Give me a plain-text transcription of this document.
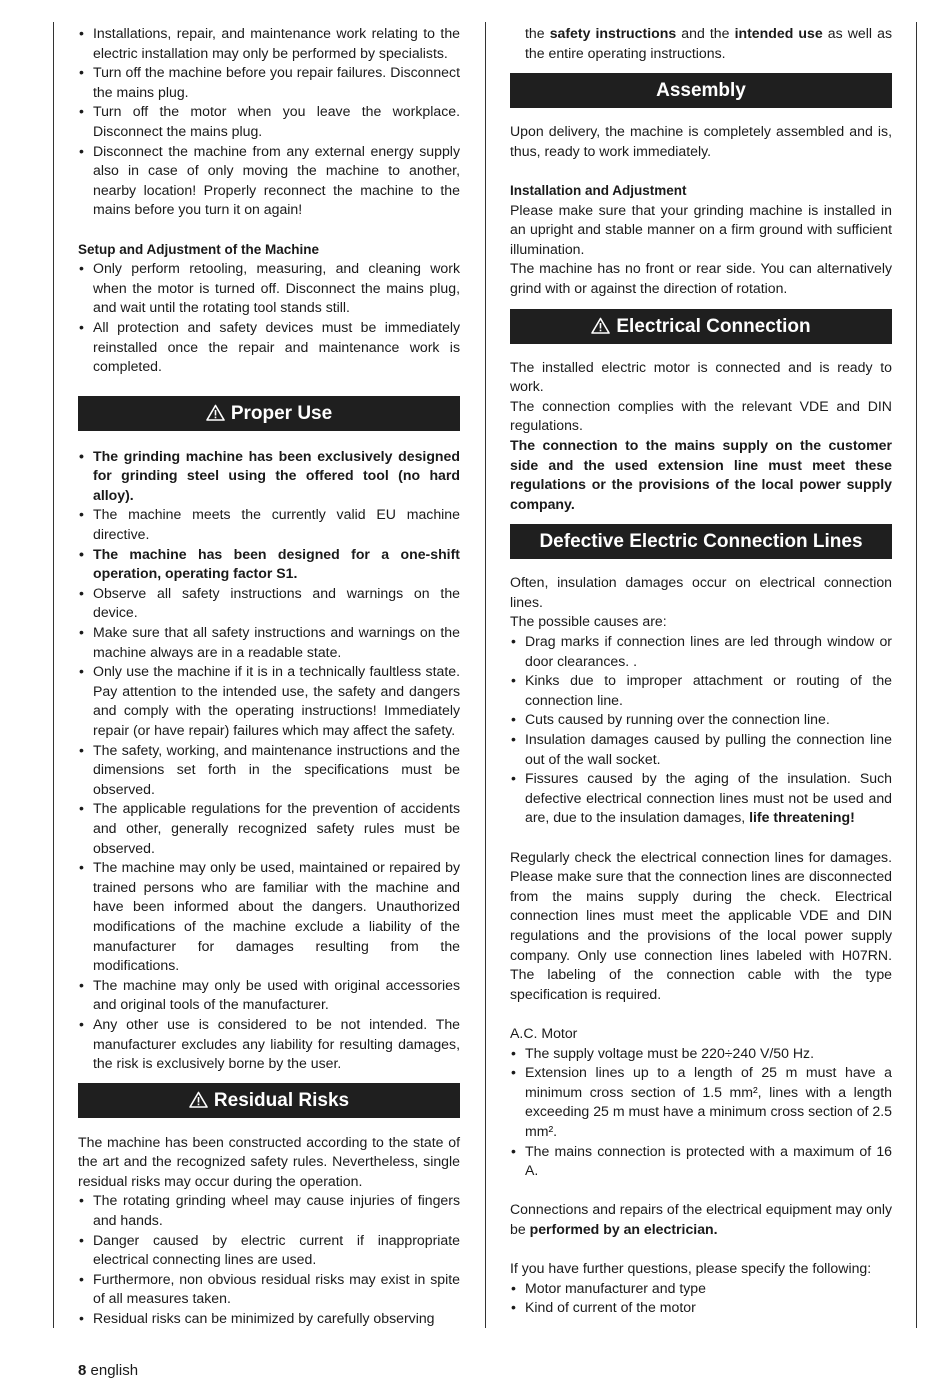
• Installations, repair, and maintenance work relating to the electric installation may only be performed by specialists.
• Turn off the machine before you repair failures. Disconnect the mains plug.
• Turn off the motor when you leave the workplace. Disconnect the mains plug.
• Disconnect the machine from any external energy supply also in case of only moving the machine to another, nearby location! Properly reconnect the machine to the mains before you turn it on again!

Setup and Adjustment of the Machine

• Only perform retooling, measuring, and cleaning work when the motor is turned off. Disconnect the mains plug, and wait until the rotating tool stands still.
• All protection and safety devices must be immediately reinstalled once the repair and maintenance work is completed.
Proper Use
• The grinding machine has been exclusively designed for grinding steel using the offered tool (no hard alloy).
• The machine meets the currently valid EU machine directive.
• The machine has been designed for a one-shift operation, operating factor S1.
• Observe all safety instructions and warnings on the device.
• Make sure that all safety instructions and warnings on the machine always are in a readable state.
• Only use the machine if it is in a technically faultless state. Pay attention to the intended use, the safety and dangers and comply with the operating instructions! Immediately repair (or have repair) failures which may affect the safety.
• The safety, working, and maintenance instructions and the dimensions set forth in the specifications must be observed.
• The applicable regulations for the prevention of accidents and other, generally recognized safety rules must be observed.
• The machine may only be used, maintained or repaired by trained persons who are familiar with the machine and have been informed about the dangers. Unauthorized modifications of the machine exclude a liability of the manufacturer for damages resulting from the modifications.
• The machine may only be used with original accessories and original tools of the manufacturer.
• Any other use is considered to be not intended. The manufacturer excludes any liability for resulting damages, the risk is exclusively borne by the user.
Residual Risks

The machine has been constructed according to the state of the art and the recognized safety rules. Nevertheless, single residual risks may occur during the operation.

• The rotating grinding wheel may cause injuries of fingers and hands.
• Danger caused by electric current if inappropriate electrical connecting lines are used.
• Furthermore, non obvious residual risks may exist in spite of all measures taken.
• Residual risks can be minimized by carefully observing

the safety instructions and the intended use as well as the entire operating instructions.

Assembly

Upon delivery, the machine is completely assembled and is, thus, ready to work immediately.

Installation and Adjustment

Please make sure that your grinding machine is installed in an upright and stable manner on a firm ground with sufficient illumination.

The machine has no front or rear side. You can alternatively grind with or against the direction of rotation.

Electrical Connection

The installed electric motor is connected and is ready to work.

The connection complies with the relevant VDE and DIN regulations.

The connection to the mains supply on the customer side and the used extension line must meet these regulations or the provisions of the local power supply company.

Defective Electric Connection Lines

Often, insulation damages occur on electrical connection lines.

The possible causes are:

• Drag marks if connection lines are led through window or door clearances. .
• Kinks due to improper attachment or routing of the connection line.
• Cuts caused by running over the connection line.
• Insulation damages caused by pulling the connection line out of the wall socket.
• Fissures caused by the aging of the insulation. Such defective electrical connection lines must not be used and are, due to the insulation damages, life threatening!

Regularly check the electrical connection lines for damages. Please make sure that the connection lines are disconnected from the mains supply during the check. Electrical connection lines must meet the applicable VDE and DIN regulations and the provisions of the local power supply company. Only use connection lines labeled with H07RN. The labeling of the connection cable with the type specification is required.

A.C. Motor

• The supply voltage must be 220÷240 V/50 Hz.
• Extension lines up to a length of 25 m must have a minimum cross section of 1.5 mm², lines with a length exceeding 25 m must have a minimum cross section of 2.5 mm².
• The mains connection is protected with a maximum of 16 A.

Connections and repairs of the electrical equipment may only be performed by an electrician.

If you have further questions, please specify the following:

• Motor manufacturer and type
• Kind of current of the motor
8 english
